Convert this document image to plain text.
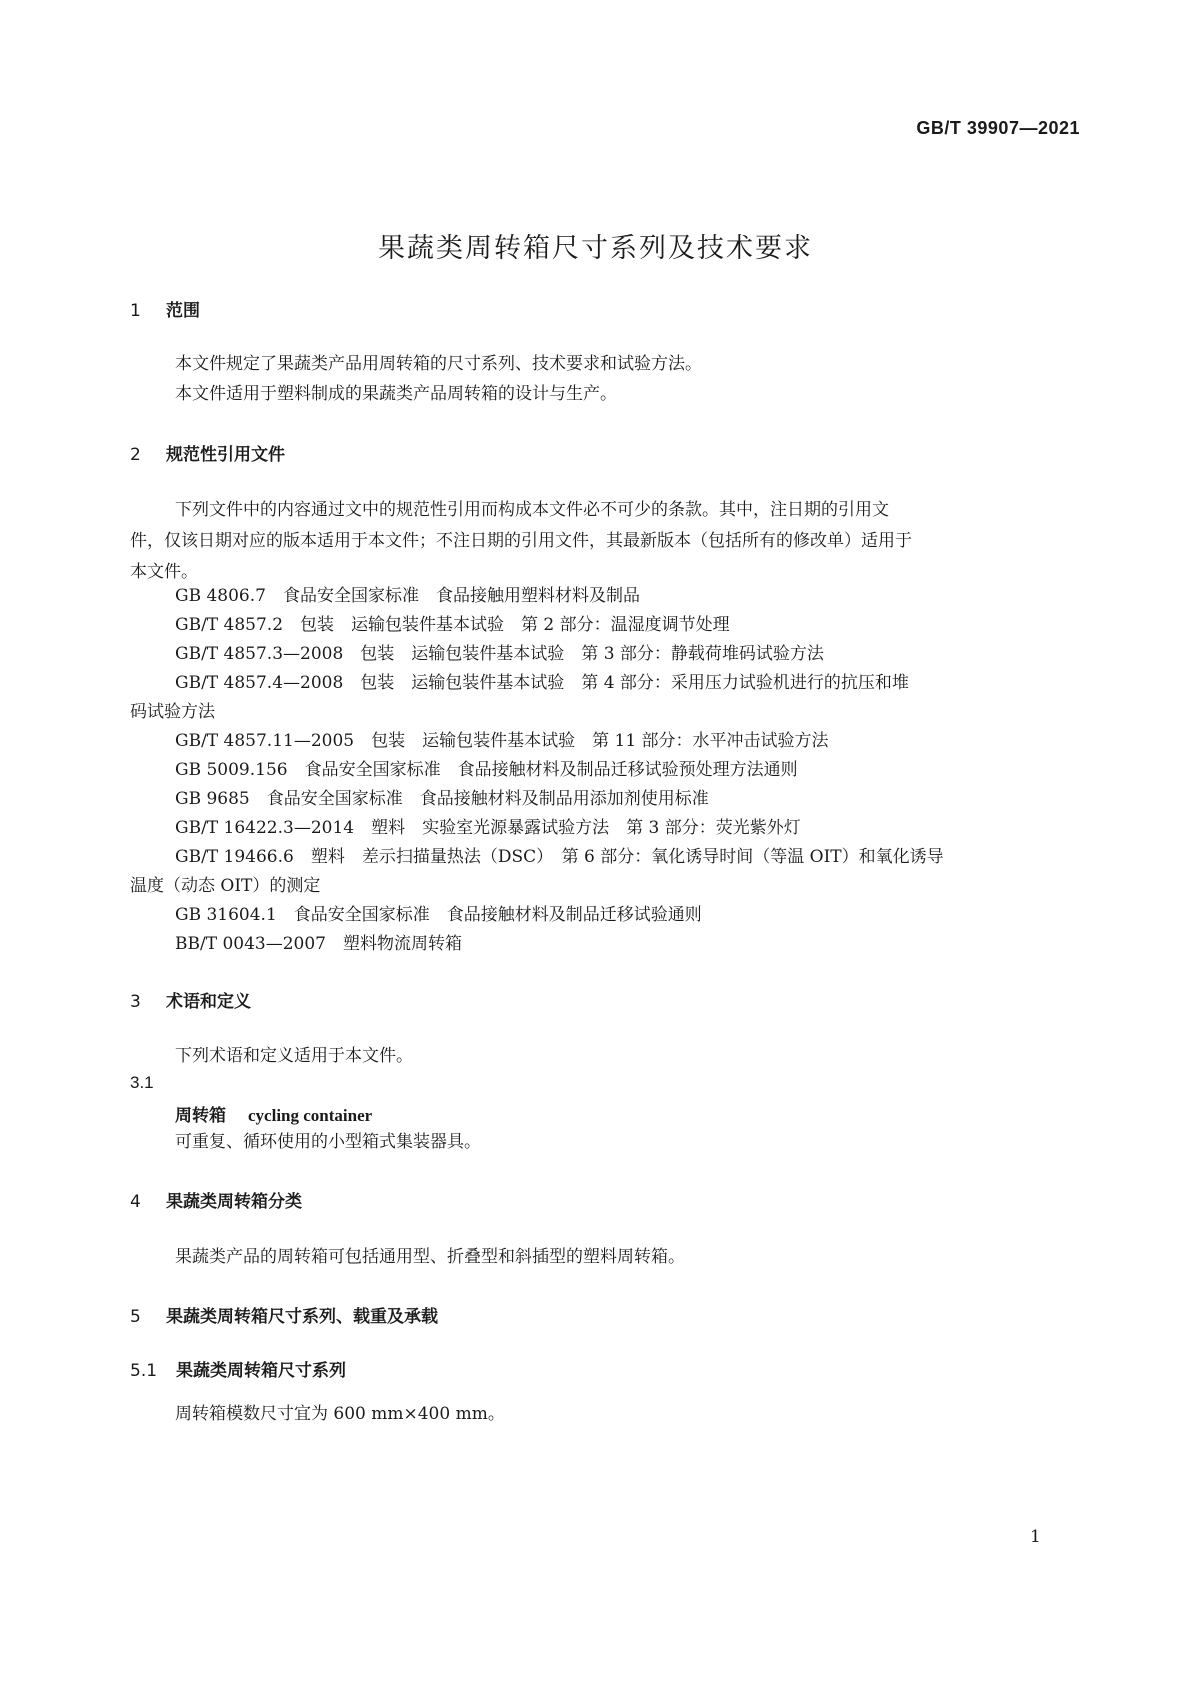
GB/T 39907—2021
果蔬类周转箱尺寸系列及技术要求
1 范围
本文件规定了果蔬类产品用周转箱的尺寸系列、技术要求和试验方法。
本文件适用于塑料制成的果蔬类产品周转箱的设计与生产。
2 规范性引用文件
下列文件中的内容通过文中的规范性引用而构成本文件必不可少的条款。其中，注日期的引用文
件，仅该日期对应的版本适用于本文件；不注日期的引用文件，其最新版本（包括所有的修改单）适用于
本文件。
GB 4806.7　食品安全国家标准　食品接触用塑料材料及制品
GB/T 4857.2　包装　运输包装件基本试验　第 2 部分：温湿度调节处理
GB/T 4857.3—2008　包装　运输包装件基本试验　第 3 部分：静载荷堆码试验方法
GB/T 4857.4—2008　包装　运输包装件基本试验　第 4 部分：采用压力试验机进行的抗压和堆
码试验方法
GB/T 4857.11—2005　包装　运输包装件基本试验　第 11 部分：水平冲击试验方法
GB 5009.156　食品安全国家标准　食品接触材料及制品迁移试验预处理方法通则
GB 9685　食品安全国家标准　食品接触材料及制品用添加剂使用标准
GB/T 16422.3—2014　塑料　实验室光源暴露试验方法　第 3 部分：荧光紫外灯
GB/T 19466.6　塑料　差示扫描量热法（DSC）　第 6 部分：氧化诱导时间（等温 OIT）和氧化诱导
温度（动态 OIT）的测定
GB 31604.1　食品安全国家标准　食品接触材料及制品迁移试验通则
BB/T 0043—2007　塑料物流周转箱
3 术语和定义
下列术语和定义适用于本文件。
3.1
周转箱 cycling container
可重复、循环使用的小型箱式集装器具。
4 果蔬类周转箱分类
果蔬类产品的周转箱可包括通用型、折叠型和斜插型的塑料周转箱。
5 果蔬类周转箱尺寸系列、载重及承载
5.1 果蔬类周转箱尺寸系列
周转箱模数尺寸宜为 600 mm×400 mm。
1
